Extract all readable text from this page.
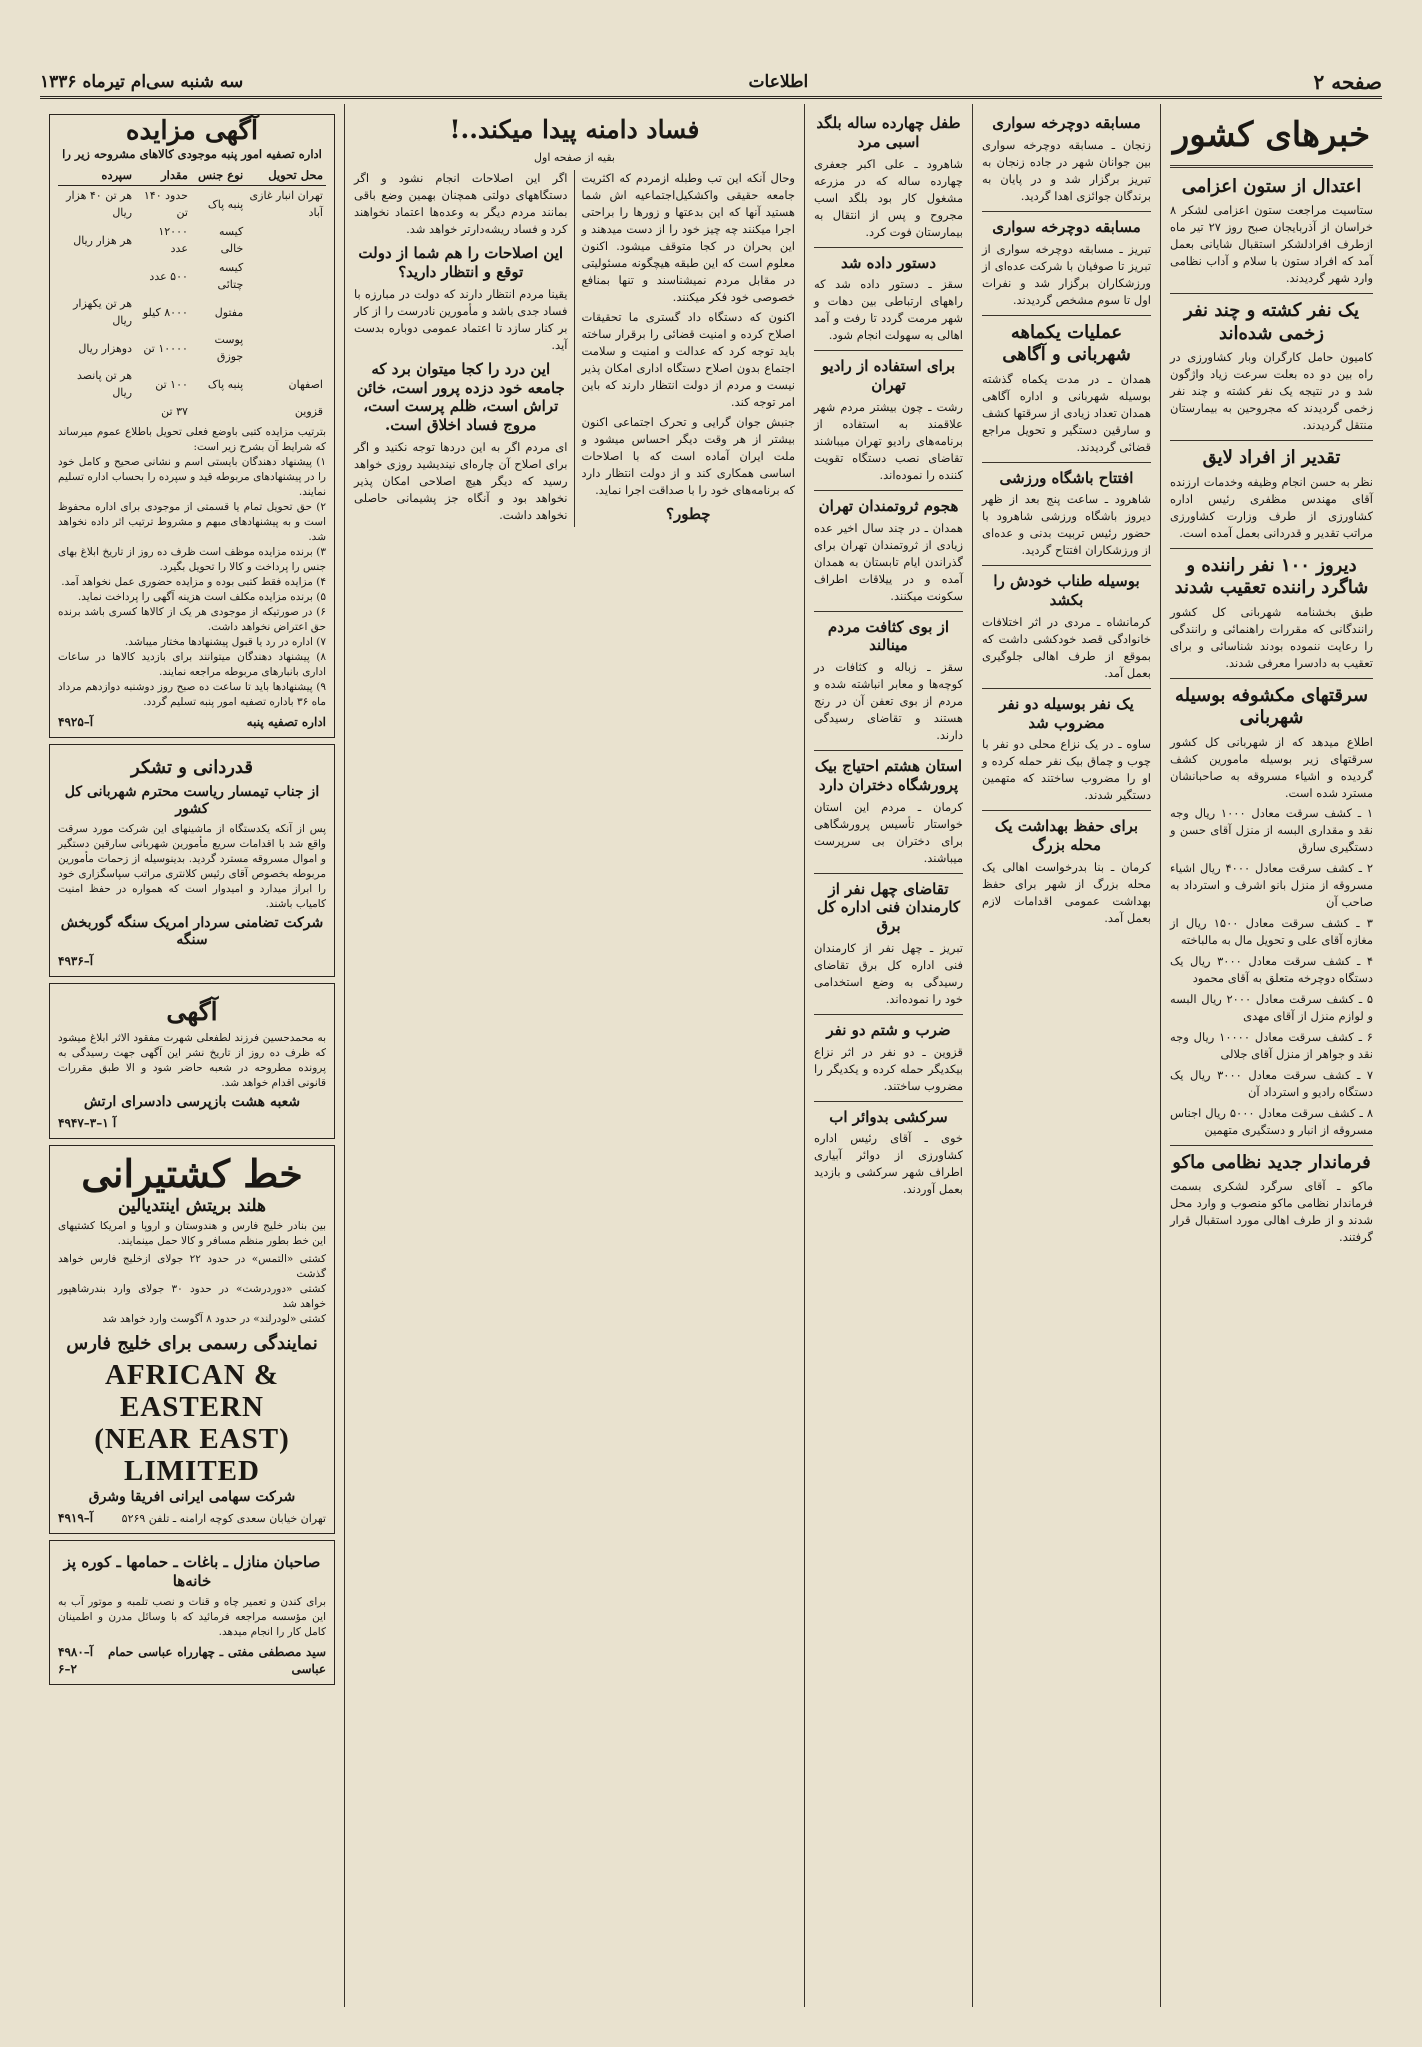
صفحه ۲
اطلاعات
سه شنبه سی‌ام تیرماه ۱۳۳۶
خبرهای کشور
اعتدال از ستون اعزامی
ستاسیت مراجعت ستون اعزامی لشکر ۸ خراسان از آذربایجان صبح روز ۲۷ تیر ماه ازطرف افرادلشکر استقبال شایانی بعمل آمد که افراد ستون با سلام و آداب نظامی وارد شهر گردیدند.
یک نفر کشته و چند نفر زخمی شده‌اند
کامیون حامل کارگران وبار کشاورزی در راه بین دو ده بعلت سرعت زیاد واژگون شد و در نتیجه یک نفر کشته و چند نفر زخمی گردیدند که مجروحین به بیمارستان منتقل گردیدند.
تقدیر از افراد لایق
نظر به حسن انجام وظیفه وخدمات ارزنده آقای مهندس مظفری رئیس اداره کشاورزی از طرف وزارت کشاورزی مراتب تقدیر و قدردانی بعمل آمده است.
دیروز ۱۰۰ نفر راننده و شاگرد راننده تعقیب شدند
طبق بخشنامه شهربانی کل کشور رانندگانی که مقررات راهنمائی و رانندگی را رعایت ننموده بودند شناسائی و برای تعقیب به دادسرا معرفی شدند.
سرقتهای مکشوفه بوسیله شهربانی
اطلاع میدهد که از شهربانی کل کشور سرقتهای زیر بوسیله مامورین کشف گردیده و اشیاء مسروقه به صاحبانشان مسترد شده است.

۱ ـ کشف سرقت معادل ۱۰۰۰ ریال وجه نقد و مقداری البسه از منزل آقای حسن و دستگیری سارق

۲ ـ کشف سرقت معادل ۴۰۰۰ ریال اشیاء مسروقه از منزل بانو اشرف و استرداد به صاحب آن

۳ ـ کشف سرقت معادل ۱۵۰۰ ریال از مغازه آقای علی و تحویل مال به مالباخته

۴ ـ کشف سرقت معادل ۳۰۰۰ ریال یک دستگاه دوچرخه متعلق به آقای محمود

۵ ـ کشف سرقت معادل ۲۰۰۰ ریال البسه و لوازم منزل از آقای مهدی

۶ ـ کشف سرقت معادل ۱۰۰۰۰ ریال وجه نقد و جواهر از منزل آقای جلالی

۷ ـ کشف سرقت معادل ۳۰۰۰ ریال یک دستگاه رادیو و استرداد آن

۸ ـ کشف سرقت معادل ۵۰۰۰ ریال اجناس مسروقه از انبار و دستگیری متهمین

فرماندار جدید نظامی ماکو
ماکو ـ آقای سرگرد لشکری بسمت فرماندار نظامی ماکو منصوب و وارد محل شدند و از طرف اهالی مورد استقبال قرار گرفتند.
مسابقه دوچرخه سواری
زنجان ـ مسابقه دوچرخه سواری بین جوانان شهر در جاده زنجان به تبریز برگزار شد و در پایان به برندگان جوائزی اهدا گردید.
مسابقه دوچرخه سواری
تبریز ـ مسابقه دوچرخه سواری از تبریز تا صوفیان با شرکت عده‌ای از ورزشکاران برگزار شد و نفرات اول تا سوم مشخص گردیدند.
عملیات یکماهه شهربانی و آگاهی
همدان ـ در مدت یکماه گذشته بوسیله شهربانی و اداره آگاهی همدان تعداد زیادی از سرقتها کشف و سارقین دستگیر و تحویل مراجع قضائی گردیدند.
افتتاح باشگاه ورزشی
شاهرود ـ ساعت پنج بعد از ظهر دیروز باشگاه ورزشی شاهرود با حضور رئیس تربیت بدنی و عده‌ای از ورزشکاران افتتاح گردید.
بوسیله طناب خودش را بکشد
کرمانشاه ـ مردی در اثر اختلافات خانوادگی قصد خودکشی داشت که بموقع از طرف اهالی جلوگیری بعمل آمد.
یک نفر بوسیله دو نفر مضروب شد
ساوه ـ در یک نزاع محلی دو نفر با چوب و چماق بیک نفر حمله کرده و او را مضروب ساختند که متهمین دستگیر شدند.
برای حفظ بهداشت یک محله بزرگ
کرمان ـ بنا بدرخواست اهالی یک محله بزرگ از شهر برای حفظ بهداشت عمومی اقدامات لازم بعمل آمد.
طفل چهارده ساله بلگد اسبی مرد
شاهرود ـ علی اکبر جعفری چهارده ساله که در مزرعه مشغول کار بود بلگد اسب مجروح و پس از انتقال به بیمارستان فوت کرد.
دستور داده شد
سقز ـ دستور داده شد که راههای ارتباطی بین دهات و شهر مرمت گردد تا رفت و آمد اهالی به سهولت انجام شود.
برای استفاده از رادیو تهران
رشت ـ چون بیشتر مردم شهر علاقمند به استفاده از برنامه‌های رادیو تهران میباشند تقاضای نصب دستگاه تقویت کننده را نموده‌اند.
هجوم ثروتمندان تهران
همدان ـ در چند سال اخیر عده زیادی از ثروتمندان تهران برای گذراندن ایام تابستان به همدان آمده و در ییلاقات اطراف سکونت میکنند.
از بوی کثافت مردم مینالند
سقز ـ زباله و کثافات در کوچه‌ها و معابر انباشته شده و مردم از بوی تعفن آن در رنج هستند و تقاضای رسیدگی دارند.
استان هشتم احتیاج بیک پرورشگاه دختران دارد
کرمان ـ مردم این استان خواستار تأسیس پرورشگاهی برای دختران بی سرپرست میباشند.
تقاضای چهل نفر از کارمندان فنی اداره کل برق
تبریز ـ چهل نفر از کارمندان فنی اداره کل برق تقاضای رسیدگی به وضع استخدامی خود را نموده‌اند.
ضرب و شتم دو نفر
قزوین ـ دو نفر در اثر نزاع بیکدیگر حمله کرده و یکدیگر را مضروب ساختند.
سرکشی بدوائر اب
خوی ـ آقای رئیس اداره کشاورزی از دوائر آبیاری اطراف شهر سرکشی و بازدید بعمل آوردند.
فساد دامنه پیدا میکند..!
بقیه از صفحه اول
وحال آنکه این تب وطبله ازمردم که اکثریت جامعه حقیقی واکشکیل‌اجتماعیه اش شما هستید آنها که این بدعتها و زورها را براحتی اجرا میکنند چه چیز خود را از دست میدهند و این بحران در کجا متوقف میشود. اکنون معلوم است که این طبقه هیچگونه مسئولیتی در مقابل مردم نمیشناسند و تنها بمنافع خصوصی خود فکر میکنند.
اکنون که دستگاه داد گستری ما تحقیقات اصلاح کرده و امنیت قضائی را برقرار ساخته باید توجه کرد که عدالت و امنیت و سلامت اجتماع بدون اصلاح دستگاه اداری امکان پذیر نیست و مردم از دولت انتظار دارند که باین امر توجه کند.
جنبش جوان گرایی و تحرک اجتماعی اکنون بیشتر از هر وقت دیگر احساس میشود و ملت ایران آماده است که با اصلاحات اساسی همکاری کند و از دولت انتظار دارد که برنامه‌های خود را با صداقت اجرا نماید.
چطور؟
اگر این اصلاحات انجام نشود و اگر دستگاههای دولتی همچنان بهمین وضع باقی بمانند مردم دیگر به وعده‌ها اعتماد نخواهند کرد و فساد ریشه‌دارتر خواهد شد.
این اصلاحات را هم شما از دولت توقع و انتظار دارید؟
یقینا مردم انتظار دارند که دولت در مبارزه با فساد جدی باشد و مأمورین نادرست را از کار بر کنار سازد تا اعتماد عمومی دوباره بدست آید.
این درد را کجا میتوان برد که جامعه خود دزده پرور است، خائن تراش است، ظلم پرست است، مروج فساد اخلاق است.
ای مردم اگر به این دردها توجه نکنید و اگر برای اصلاح آن چاره‌ای نیندیشید روزی خواهد رسید که دیگر هیچ اصلاحی امکان پذیر نخواهد بود و آنگاه جز پشیمانی حاصلی نخواهد داشت.
آگهی مزایده
اداره تصفیه امور پنبه موجودی کالاهای مشروحه زیر را
محل تحویل	نوع جنس	مقدار	سپرده
تهران انبار غازی آباد	پنبه پاک	حدود ۱۴۰ تن	هر تن ۴۰ هزار ریال
	کیسه خالی	۱۲۰۰۰ عدد	هر هزار ریال
	کیسه چتائی	۵۰۰ عدد	
	مفتول	۸۰۰۰ کیلو	هر تن یکهزار ریال
	پوست جوزق	۱۰۰۰۰ تن	دوهزار ریال
اصفهان	پنبه پاک	۱۰۰ تن	هر تن پانصد ریال
قزوین		۳۷ تن	
بترتیب مزایده کتبی باوضع فعلی تحویل باطلاع عموم میرساند که شرایط آن بشرح زیر است:
۱) پیشنهاد دهندگان بایستی اسم و نشانی صحیح و کامل خود را در پیشنهادهای مربوطه قید و سپرده را بحساب اداره تسلیم نمایند.
۲) حق تحویل تمام یا قسمتی از موجودی برای اداره محفوظ است و به پیشنهادهای مبهم و مشروط ترتیب اثر داده نخواهد شد.
۳) برنده مزایده موظف است ظرف ده روز از تاریخ ابلاغ بهای جنس را پرداخت و کالا را تحویل بگیرد.
۴) مزایده فقط کتبی بوده و مزایده حضوری عمل نخواهد آمد.
۵) برنده مزایده مکلف است هزینه آگهی را پرداخت نماید.
۶) در صورتیکه از موجودی هر یک از کالاها کسری باشد برنده حق اعتراض نخواهد داشت.
۷) اداره در رد یا قبول پیشنهادها مختار میباشد.
۸) پیشنهاد دهندگان میتوانند برای بازدید کالاها در ساعات اداری بانبارهای مربوطه مراجعه نمایند.
۹) پیشنهادها باید تا ساعت ده صبح روز دوشنبه دوازدهم مرداد ماه ۳۶ باداره تصفیه امور پنبه تسلیم گردد.
اداره تصفیه پنبه
۴۹۲۵–آ
قدردانی و تشکر
از جناب تیمسار ریاست محترم شهربانی کل کشور
پس از آنکه یکدستگاه از ماشینهای این شرکت مورد سرقت واقع شد با اقدامات سریع مأمورین شهربانی سارقین دستگیر و اموال مسروقه مسترد گردید. بدینوسیله از زحمات مأمورین مربوطه بخصوص آقای رئیس کلانتری مراتب سپاسگزاری خود را ابراز میدارد و امیدوار است که همواره در حفظ امنیت کامیاب باشند.
شرکت تضامنی سردار امریک سنگه گوربخش سنگه
۴۹۳۶–آ
آگهی
به محمدحسین فرزند لطفعلی شهرت مفقود الاثر ابلاغ میشود که ظرف ده روز از تاریخ نشر این آگهی جهت رسیدگی به پرونده مطروحه در شعبه حاضر شود و الا طبق مقررات قانونی اقدام خواهد شد.
شعبه هشت بازپرسی دادسرای ارتش
۴۹۴۷–آ ۱–۳
خط کشتیرانی
هلند بریتش اینتدیالین
بین بنادر خلیج فارس و هندوستان و اروپا و امریکا کشتیهای این خط بطور منظم مسافر و کالا حمل مینمایند.
کشتی «التمس» در حدود ۲۲ جولای ازخلیج فارس خواهد گذشت
کشتی «دوردرشت» در حدود ۳۰ جولای وارد بندرشاهپور خواهد شد
کشتی «لودرلند» در حدود ۸ آگوست وارد خواهد شد
نمایندگی رسمی برای خلیج فارس
AFRICAN & EASTERN
(NEAR EAST) LIMITED
شرکت سهامی ایرانی افریقا وشرق
تهران خیابان سعدی کوچه ارامنه ـ تلفن ۵۲۶۹
۴۹۱۹–آ
صاحبان منازل ـ باغات ـ حمامها ـ کوره پز خانه‌ها
برای کندن و تعمیر چاه و قنات و نصب تلمبه و موتور آب به این مؤسسه مراجعه فرمائید که با وسائل مدرن و اطمینان کامل کار را انجام میدهد.
سید مصطفی مفتی ـ چهارراه عباسی حمام عباسی
۴۹۸۰–آ ۲–۶
